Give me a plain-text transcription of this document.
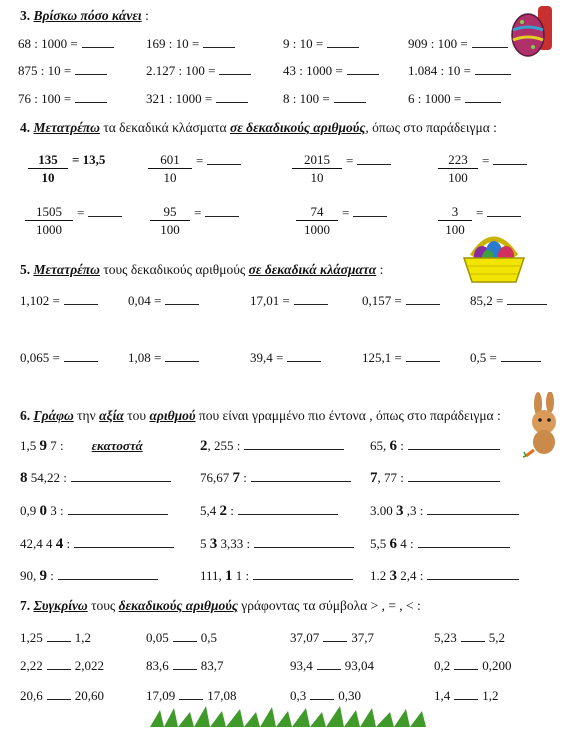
3. Βρίσκω πόσο κάνει :
68 : 1000 =	169 : 10 =	9 : 10 =	909 : 100 =
875 : 10 =	2.127 : 100 =	43 : 1000 =	1.084 : 10 =
76 : 100 =	321 : 1000 =	8 : 100 =	6 : 1000 =
4. Μετατρέπω τα δεκαδικά κλάσματα σε δεκαδικούς αριθμούς, όπως στο παράδειγμα :
$\frac{135}{10} = 13,5$	$\frac{601}{10}$ =	$\frac{2015}{10}$ =	$\frac{223}{100}$ =
$\frac{1505}{1000}$ =	$\frac{95}{100}$ =	$\frac{74}{1000}$ =	$\frac{3}{100}$ =
5. Μετατρέπω τους δεκαδικούς αριθμούς σε δεκαδικά κλάσματα :
1,102 =	0,04 =	17,01 =	0,157 =	85,2 =
0,065 =	1,08 =	39,4 =	125,1 =	0,5 =
6. Γράφω την αξία του αριθμού που είναι γραμμένο πιο έντονα , όπως στο παράδειγμα :
1,5 9 7 : εκατοστά	2, 255 :	65, 6 :
8 54,22 :	76,67 7 :	7, 77 :
0,9 0 3 :	5,4 2 :	3.00 3 ,3 :
42,4 4 4 :	5 3 3,33 :	5,5 6 4 :
90, 9 :	111, 1 1 :	1.2 3 2,4 :
7. Συγκρίνω τους δεκαδικούς αριθμούς γράφοντας τα σύμβολα > , = , < :
1,25 1,2	0,05 0,5	37,07 37,7	5,23 5,2
2,22 2,022	83,6 83,7	93,4 93,04	0,2 0,200
20,6 20,60	17,09 17,08	0,3 0,30	1,4 1,2
